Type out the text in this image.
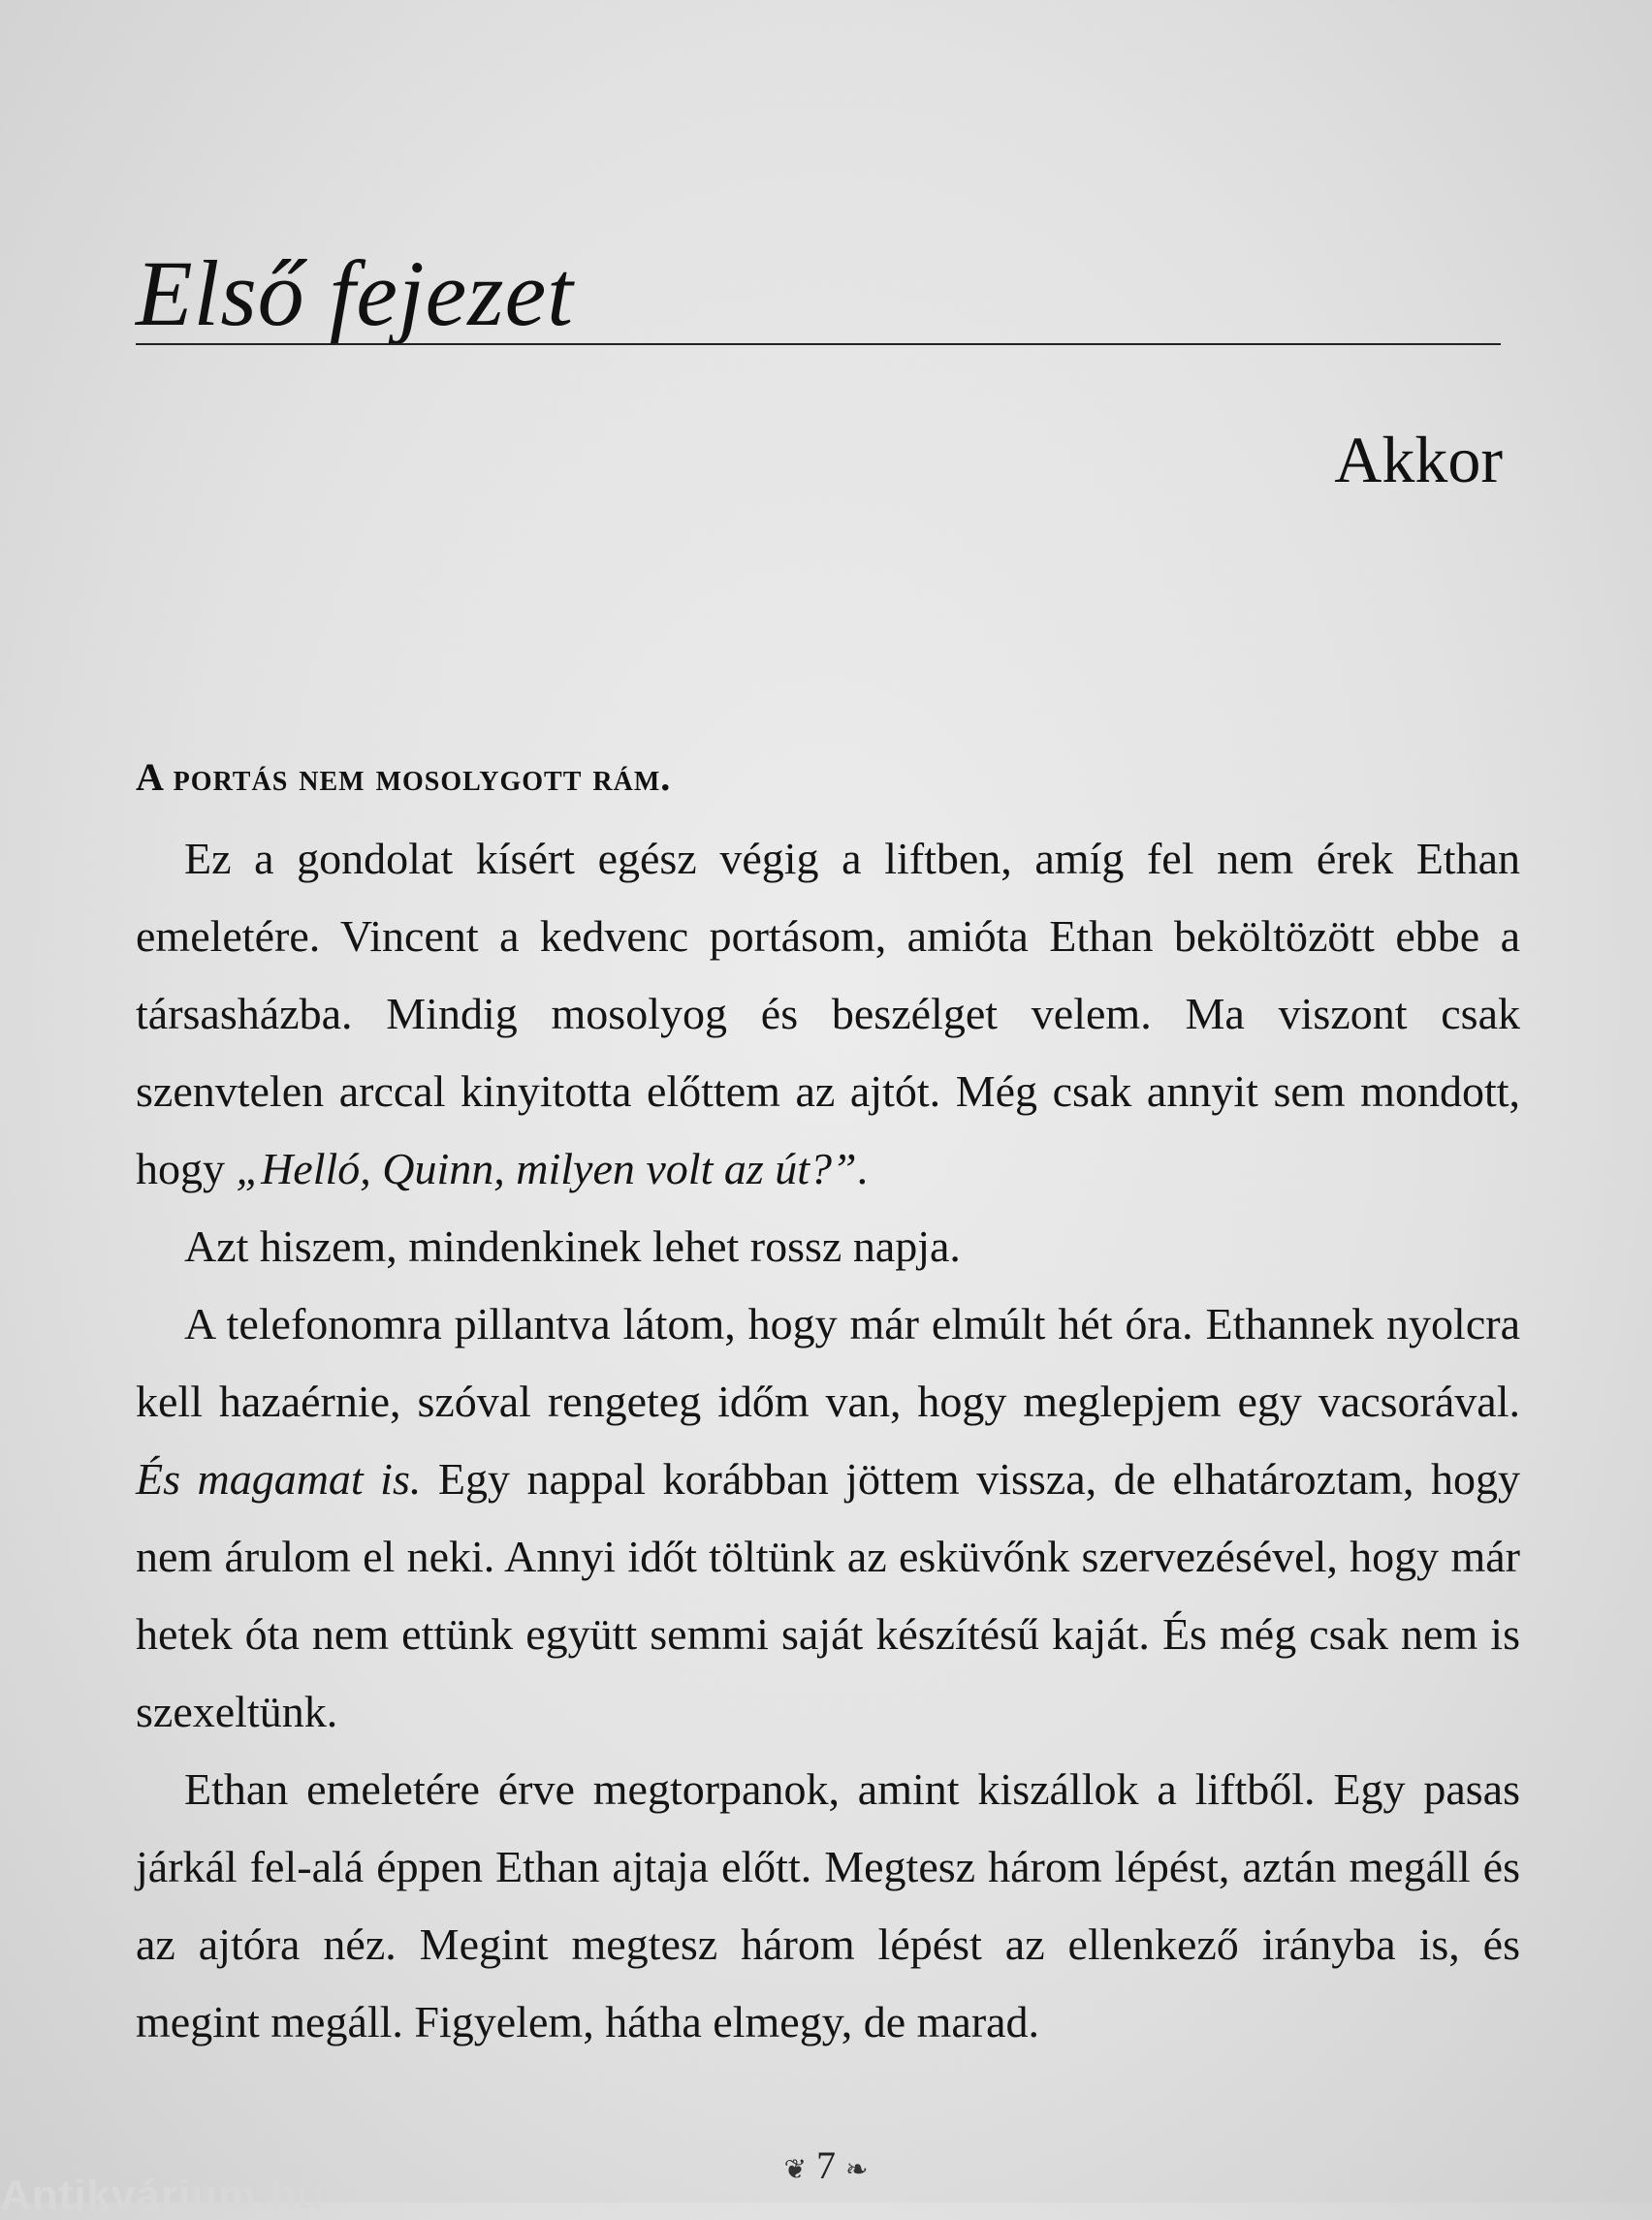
Első fejezet
Akkor
A portás nem mosolygott rám.

Ez a gondolat kísért egész végig a liftben, amíg fel nem érek Ethan emeletére. Vincent a kedvenc portásom, amióta Ethan beköltözött ebbe a társasházba. Mindig mosolyog és beszélget velem. Ma viszont csak szenvtelen arccal kinyitotta előttem az ajtót. Még csak annyit sem mondott, hogy „Helló, Quinn, milyen volt az út?”.

Azt hiszem, mindenkinek lehet rossz napja.

A telefonomra pillantva látom, hogy már elmúlt hét óra. Ethannek nyolcra kell hazaérnie, szóval rengeteg időm van, hogy meglepjem egy vacsorával. És magamat is. Egy nappal korábban jöttem vissza, de elhatároztam, hogy nem árulom el neki. Annyi időt töltünk az esküvőnk szervezésével, hogy már hetek óta nem ettünk együtt semmi saját készítésű kaját. És még csak nem is szexeltünk.

Ethan emeletére érve megtorpanok, amint kiszállok a liftből. Egy pasas járkál fel-alá éppen Ethan ajtaja előtt. Megtesz három lépést, aztán megáll és az ajtóra néz. Megint megtesz három lépést az ellenkező irányba is, és megint megáll. Figyelem, hátha elmegy, de marad.

❦ 7 ❧
Antikvárium.hu
